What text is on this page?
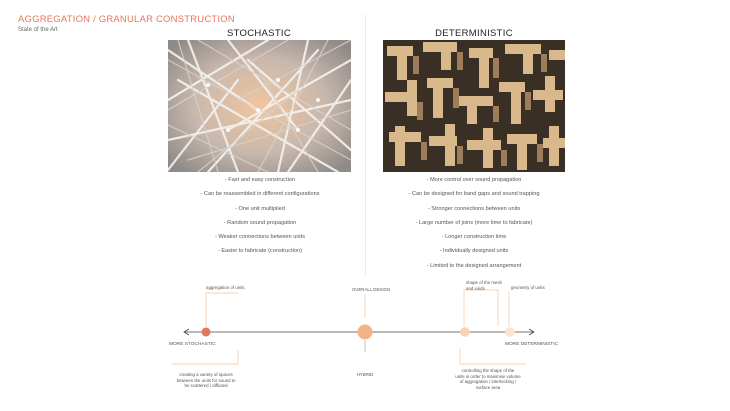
AGGREGATION / GRANULAR CONSTRUCTION
State of the Art	STOCHASTIC
- Fast and easy construction
- Can be reassembled in different configurations
- One unit multiplied
- Random sound propagation
- Weaker connections between units
- Easier to fabricate (construction)
DETERMINISTIC
- More control over sound propagation
- Can be designed for band gaps and sound trapping
- Stronger connections between units
- Large number of joins (more time to fabricate)
- Longer construction time
- Individually designed units
- Limited to the designed arrangement
aggregation of units	OVERALL DESIGN
shape of the mesh
and voids	geometry of units
MORE STOCHASTIC	MORE DETERMINISTIC
creating a variety of spaces
between the units for sound to
be scattered / diffused
HYBRID
controlling the shape of the
units in order to maximise volume
of aggregation / interlocking /
surface area
